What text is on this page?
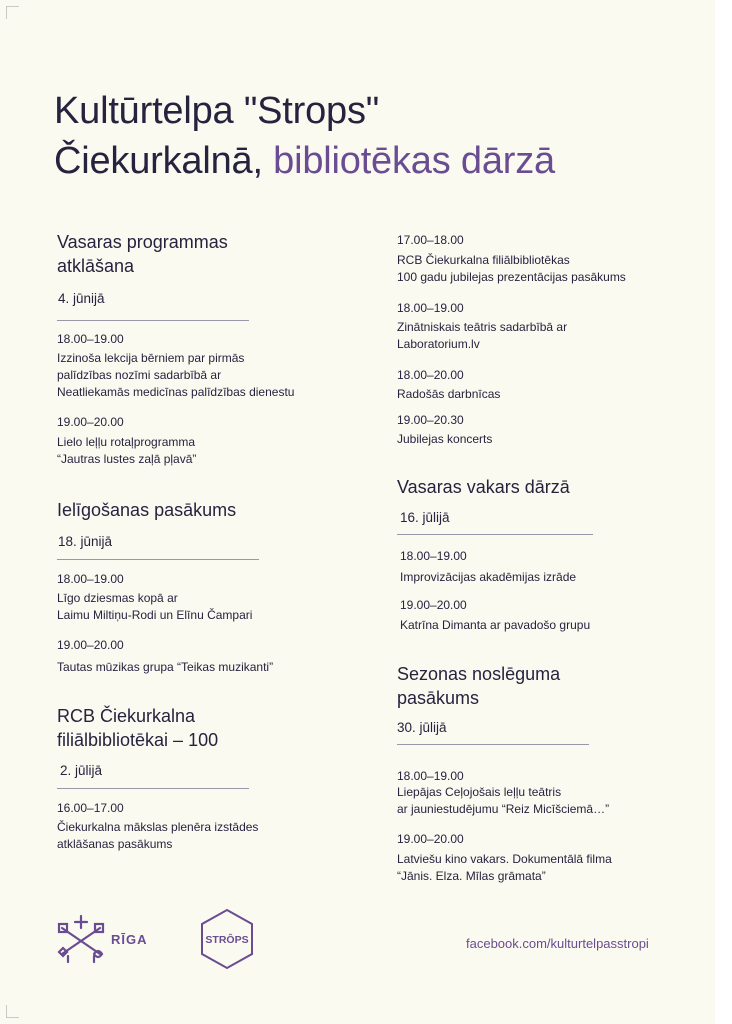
Kultūrtelpa "Strops"
Čiekurkalnā, bibliotēkas dārzā

Vasaras programmas
atklāšana

4. jūnijā

18.00–19.00

Izzinoša lekcija bērniem par pirmās
palīdzības nozīmi sadarbībā ar
Neatliekamās medicīnas palīdzības dienestu

19.00–20.00

Lielo leļļu rotaļprogramma
“Jautras lustes zaļā pļavā”

Ielīgošanas pasākums

18. jūnijā

18.00–19.00

Līgo dziesmas kopā ar
Laimu Miltiņu-Rodi un Elīnu Čampari

19.00–20.00

Tautas mūzikas grupa “Teikas muzikanti”

RCB Čiekurkalna
filiālbibliotēkai – 100

2. jūlijā

16.00–17.00

Čiekurkalna mākslas plenēra izstādes
atklāšanas pasākums

17.00–18.00

RCB Čiekurkalna filiālbibliotēkas
100 gadu jubilejas prezentācijas pasākums

18.00–19.00

Zinātniskais teātris sadarbībā ar
Laboratorium.lv

18.00–20.00

Radošās darbnīcas

19.00–20.30

Jubilejas koncerts

Vasaras vakars dārzā

16. jūlijā

18.00–19.00

Improvizācijas akadēmijas izrāde

19.00–20.00

Katrīna Dimanta ar pavadošo grupu

Sezonas noslēguma
pasākums

30. jūlijā

18.00–19.00

Liepājas Ceļojošais leļļu teātris
ar jauniestudējumu “Reiz Micīšciemā…”

19.00–20.00

Latviešu kino vakars. Dokumentālā filma
“Jānis. Elza. Mīlas grāmata”

RĪGA	STRÔPS	facebook.com/kulturtelpasstropi
